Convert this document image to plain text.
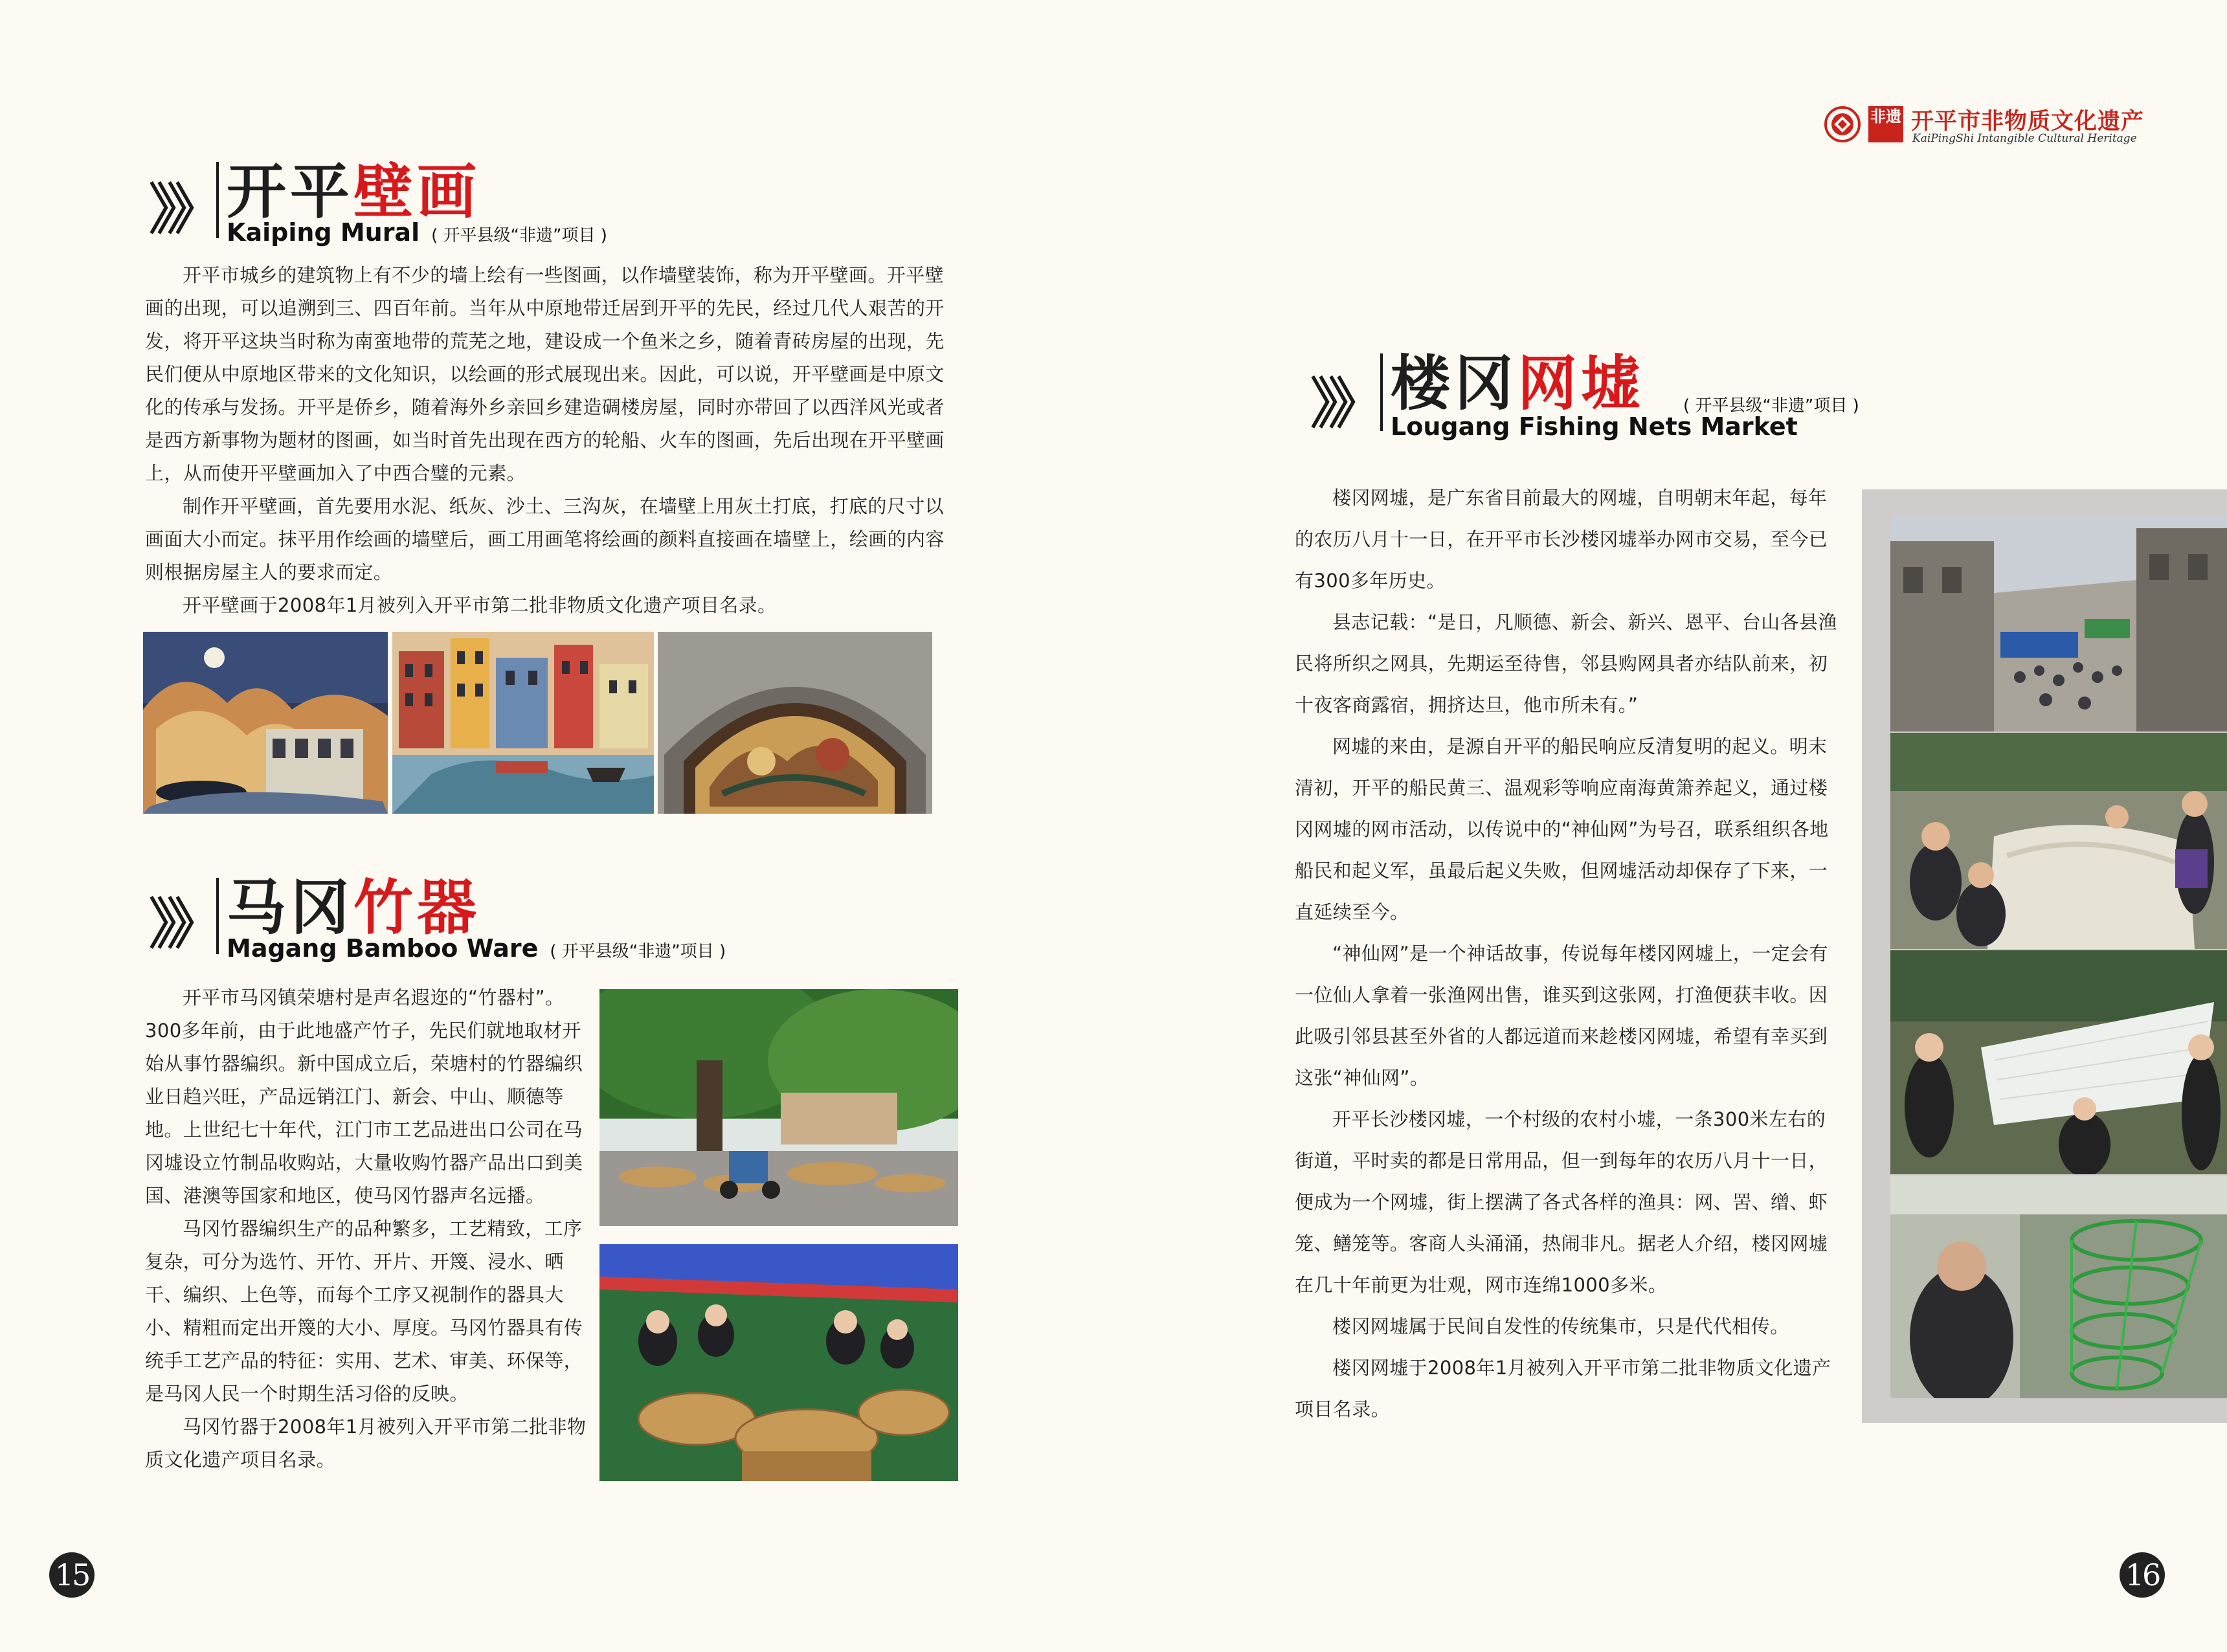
非遗 开平市非物质文化遗产
KaiPingShi Intangible Cultural Heritage
》》 开平壁画
Kaiping Mural ( 开平县级“非遗”项目 )

开平市城乡的建筑物上有不少的墙上绘有一些图画，以作墙壁装饰，称为开平壁画。开平壁画的出现，可以追溯到三、四百年前。当年从中原地带迁居到开平的先民，经过几代人艰苦的开发，将开平这块当时称为南蛮地带的荒芜之地，建设成一个鱼米之乡，随着青砖房屋的出现，先民们便从中原地区带来的文化知识，以绘画的形式展现出来。因此，可以说，开平壁画是中原文化的传承与发扬。开平是侨乡，随着海外乡亲回乡建造碉楼房屋，同时亦带回了以西洋风光或者是西方新事物为题材的图画，如当时首先出现在西方的轮船、火车的图画，先后出现在开平壁画上，从而使开平壁画加入了中西合璧的元素。

制作开平壁画，首先要用水泥、纸灰、沙土、三沟灰，在墙壁上用灰土打底，打底的尺寸以画面大小而定。抹平用作绘画的墙壁后，画工用画笔将绘画的颜料直接画在墙壁上，绘画的内容则根据房屋主人的要求而定。

开平壁画于2008年1月被列入开平市第二批非物质文化遗产项目名录。

》》 马冈竹器
Magang Bamboo Ware ( 开平县级“非遗”项目 )

开平市马冈镇荣塘村是声名遐迩的“竹器村”。300多年前，由于此地盛产竹子，先民们就地取材开始从事竹器编织。新中国成立后，荣塘村的竹器编织业日趋兴旺，产品远销江门、新会、中山、顺德等地。上世纪七十年代，江门市工艺品进出口公司在马冈墟设立竹制品收购站，大量收购竹器产品出口到美国、港澳等国家和地区，使马冈竹器声名远播。

马冈竹器编织生产的品种繁多，工艺精致，工序复杂，可分为选竹、开竹、开片、开篾、浸水、晒干、编织、上色等，而每个工序又视制作的器具大小、精粗而定出开篾的大小、厚度。马冈竹器具有传统手工艺产品的特征：实用、艺术、审美、环保等，是马冈人民一个时期生活习俗的反映。

马冈竹器于2008年1月被列入开平市第二批非物质文化遗产项目名录。

》》 楼冈网墟 ( 开平县级“非遗”项目 )
Lougang Fishing Nets Market

楼冈网墟，是广东省目前最大的网墟，自明朝末年起，每年的农历八月十一日，在开平市长沙楼冈墟举办网市交易，至今已有300多年历史。

县志记载：“是日，凡顺德、新会、新兴、恩平、台山各县渔民将所织之网具，先期运至待售，邻县购网具者亦结队前来，初十夜客商露宿，拥挤达旦，他市所未有。”

网墟的来由，是源自开平的船民响应反清复明的起义。明末清初，开平的船民黄三、温观彩等响应南海黄箫养起义，通过楼冈网墟的网市活动，以传说中的“神仙网”为号召，联系组织各地船民和起义军，虽最后起义失败，但网墟活动却保存了下来，一直延续至今。

“神仙网”是一个神话故事，传说每年楼冈网墟上，一定会有一位仙人拿着一张渔网出售，谁买到这张网，打渔便获丰收。因此吸引邻县甚至外省的人都远道而来趁楼冈网墟，希望有幸买到这张“神仙网”。

开平长沙楼冈墟，一个村级的农村小墟，一条300米左右的街道，平时卖的都是日常用品，但一到每年的农历八月十一日，便成为一个网墟，街上摆满了各式各样的渔具：网、罟、缯、虾笼、鳝笼等。客商人头涌涌，热闹非凡。据老人介绍，楼冈网墟在几十年前更为壮观，网市连绵1000多米。

楼冈网墟属于民间自发性的传统集市，只是代代相传。

楼冈网墟于2008年1月被列入开平市第二批非物质文化遗产项目名录。

15	16
